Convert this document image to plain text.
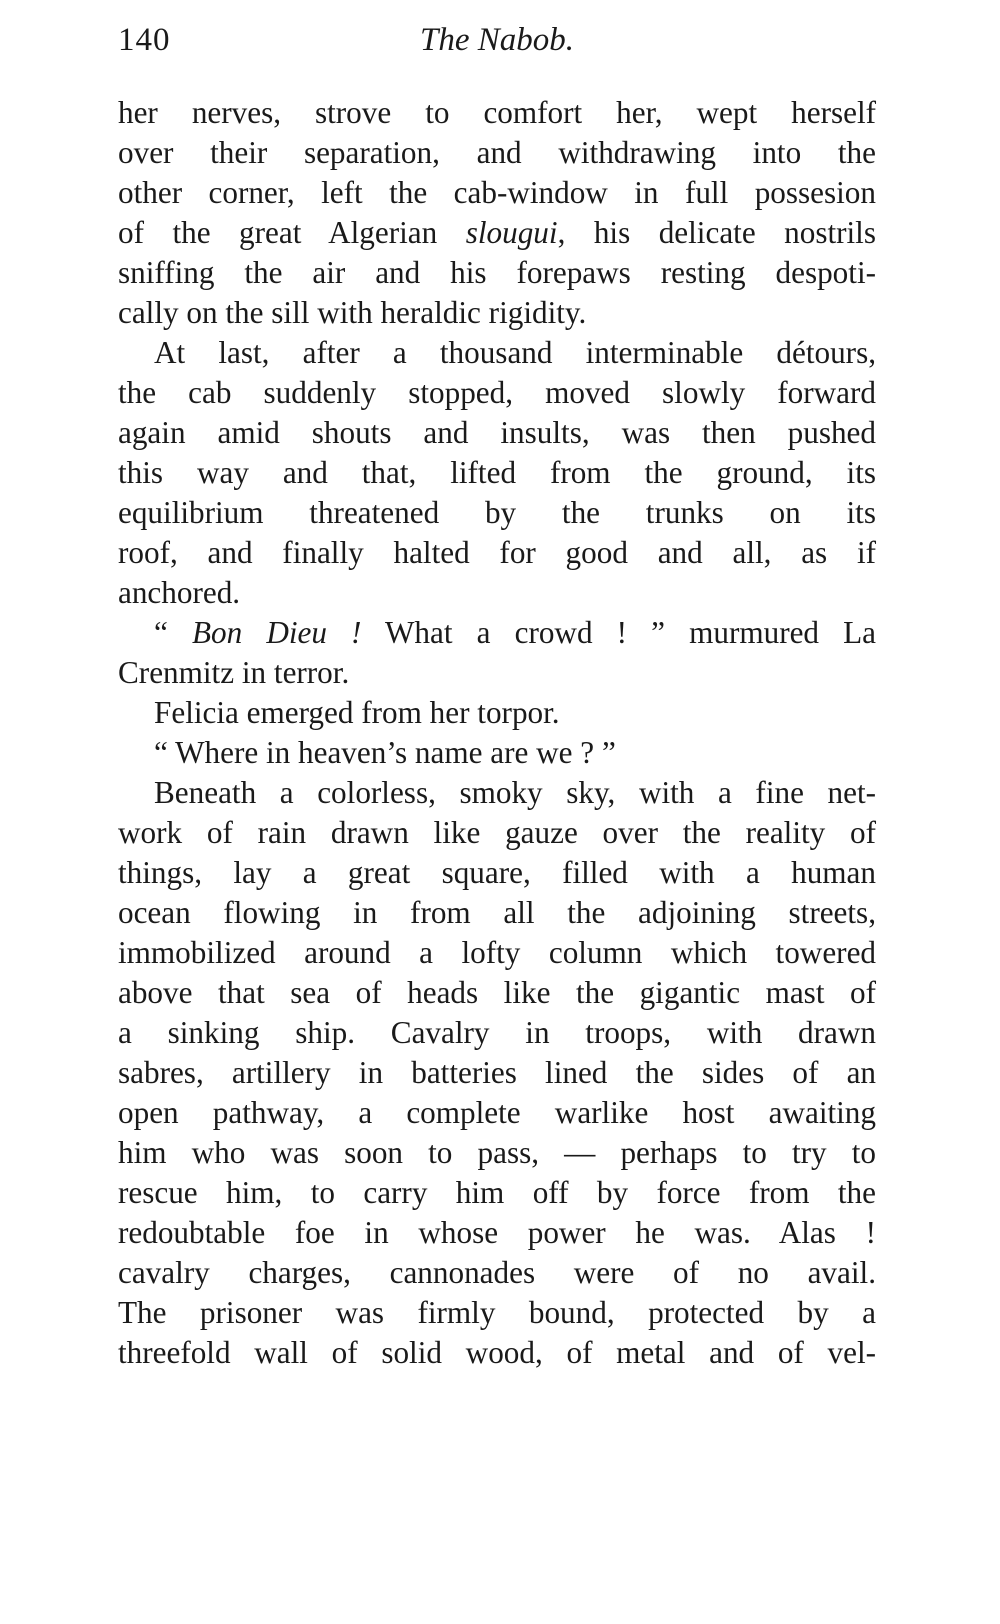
140	The Nabob.
her nerves, strove to comfort her, wept herself
over their separation, and withdrawing into the
other corner, left the cab-window in full possesion
of the great Algerian slougui, his delicate nostrils
sniffing the air and his forepaws resting despoti-
cally on the sill with heraldic rigidity.
At last, after a thousand interminable détours,
the cab suddenly stopped, moved slowly forward
again amid shouts and insults, was then pushed
this way and that, lifted from the ground, its
equilibrium threatened by the trunks on its
roof, and finally halted for good and all, as if
anchored.
“ Bon Dieu ! What a crowd ! ” murmured La
Crenmitz in terror.
Felicia emerged from her torpor.
“ Where in heaven’s name are we ? ”
Beneath a colorless, smoky sky, with a fine net-
work of rain drawn like gauze over the reality of
things, lay a great square, filled with a human
ocean flowing in from all the adjoining streets,
immobilized around a lofty column which towered
above that sea of heads like the gigantic mast of
a sinking ship. Cavalry in troops, with drawn
sabres, artillery in batteries lined the sides of an
open pathway, a complete warlike host awaiting
him who was soon to pass, — perhaps to try to
rescue him, to carry him off by force from the
redoubtable foe in whose power he was. Alas !
cavalry charges, cannonades were of no avail.
The prisoner was firmly bound, protected by a
threefold wall of solid wood, of metal and of vel-
